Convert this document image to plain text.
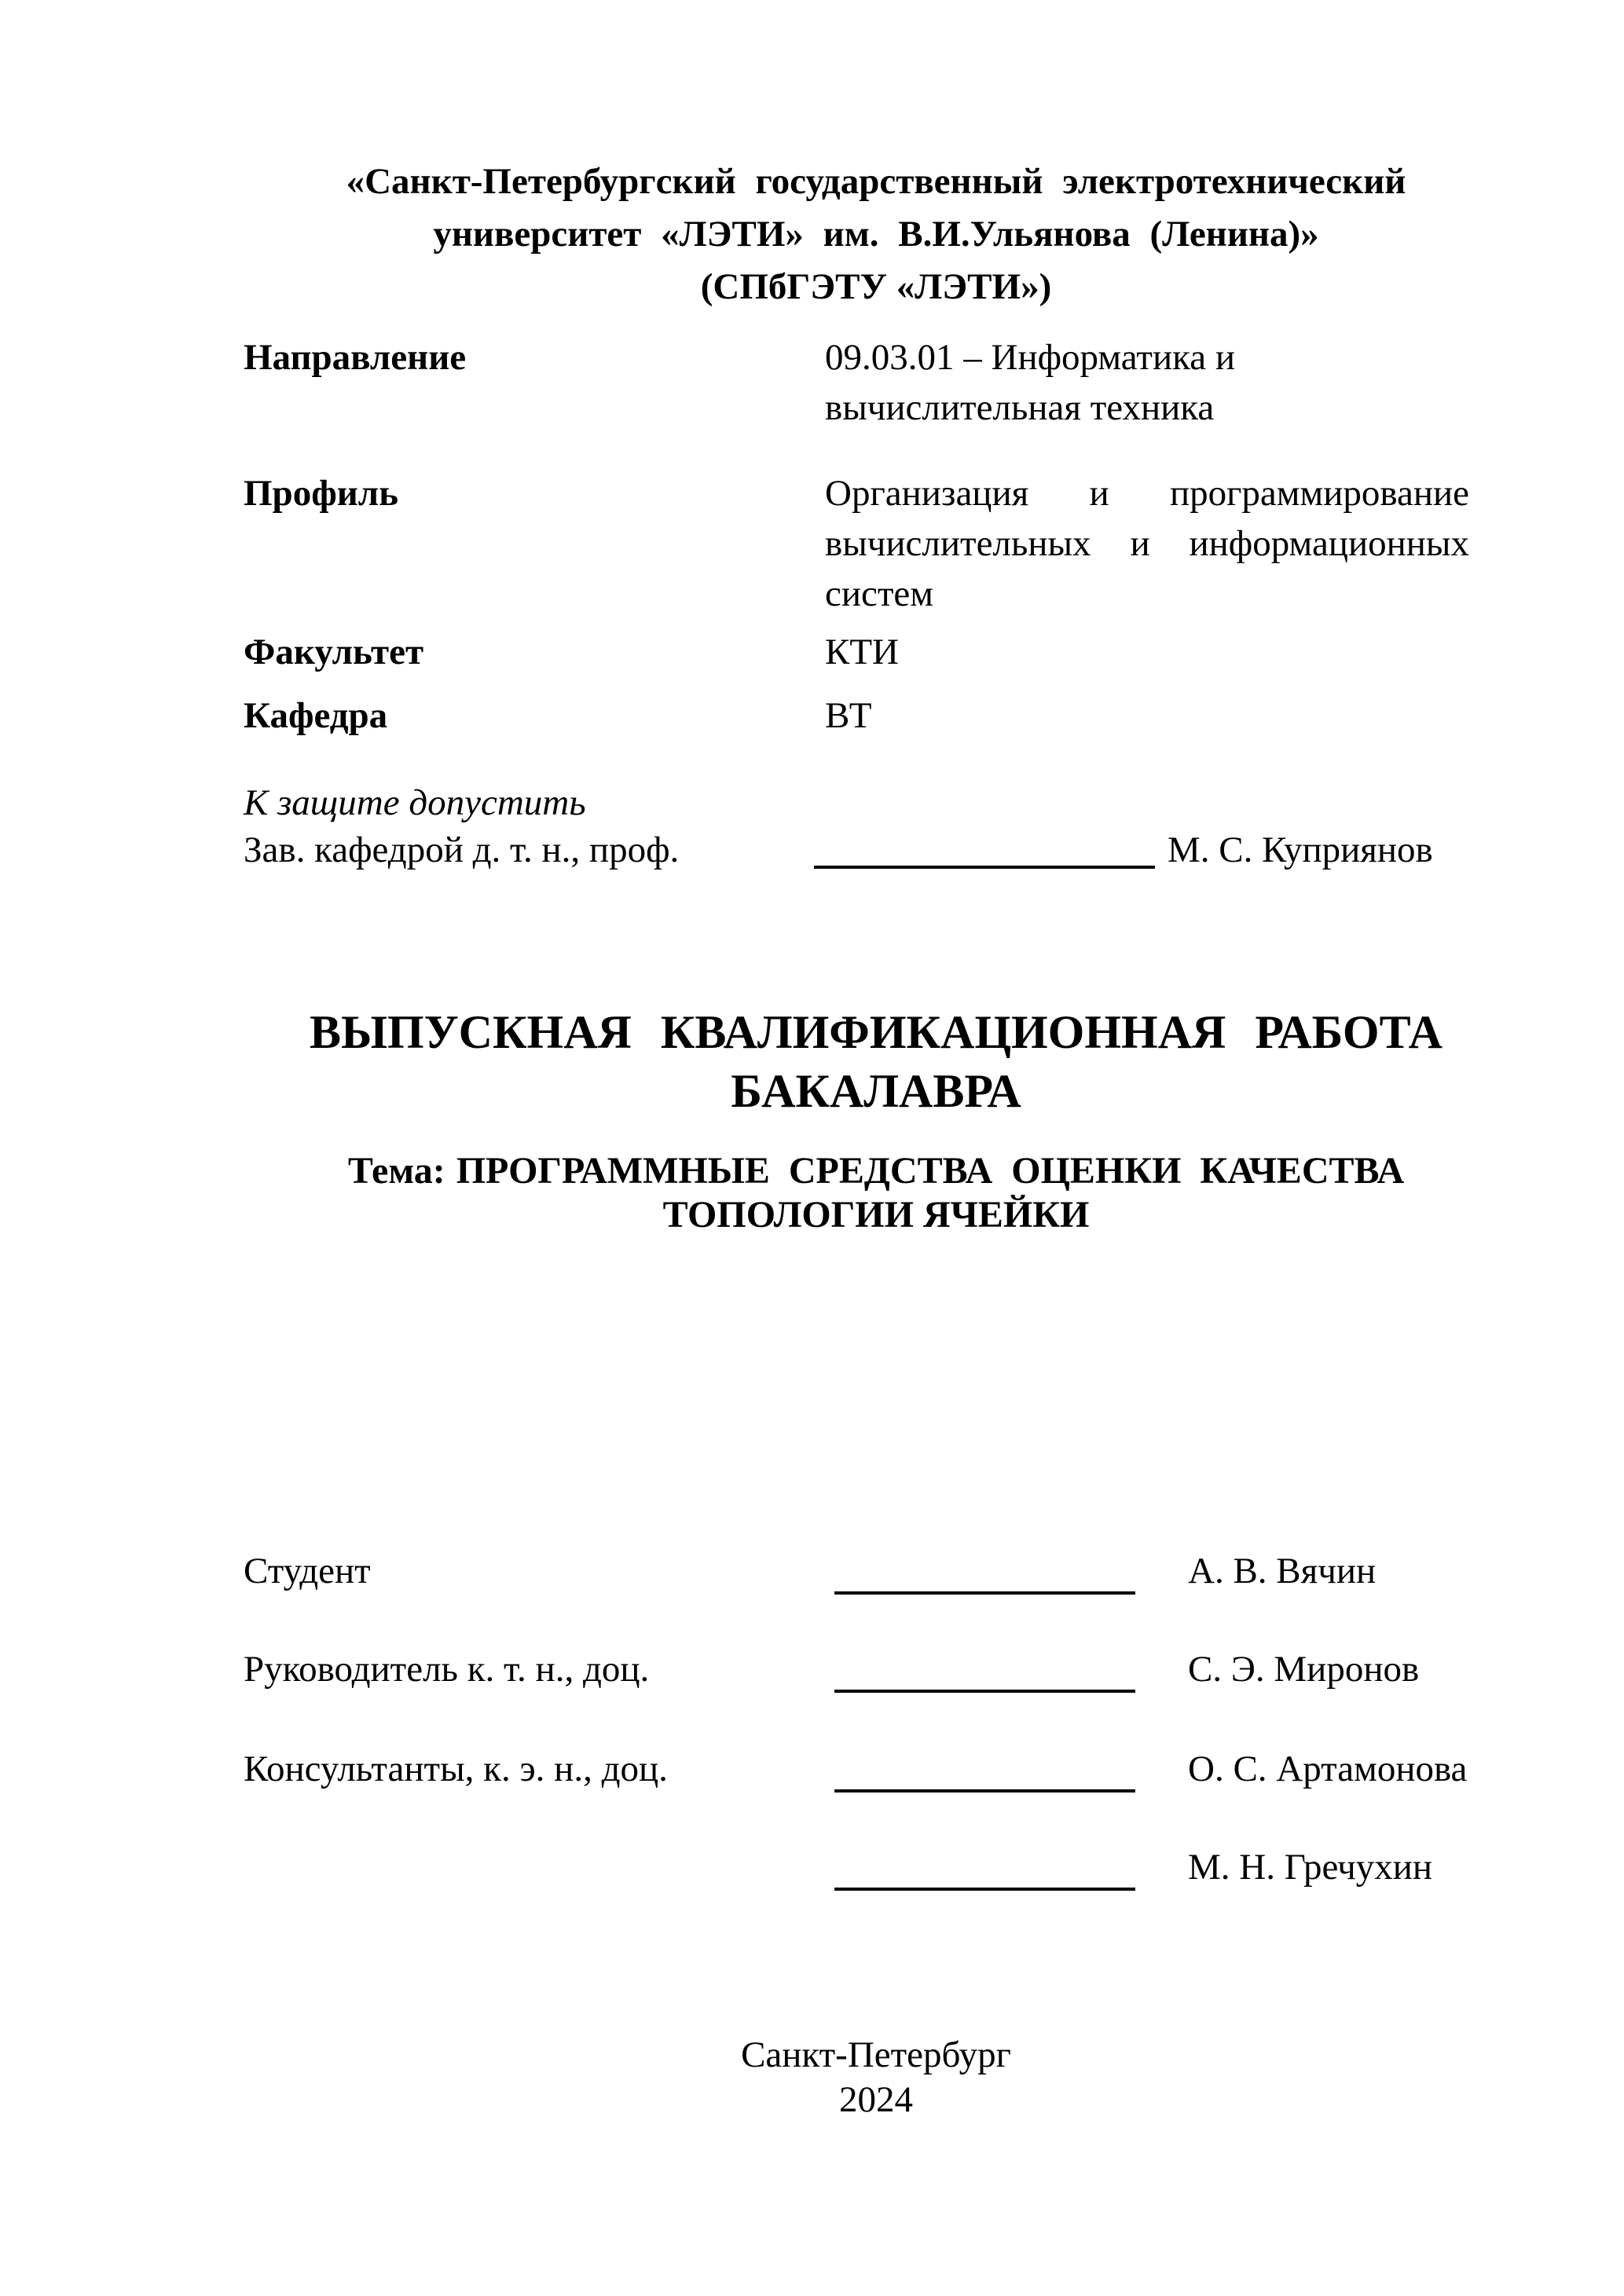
«Санкт-Петербургский государственный электротехнический
университет «ЛЭТИ» им. В.И.Ульянова (Ленина)»
(СПбГЭТУ «ЛЭТИ»)
Направление	09.03.01 – Информатика и вычислительная техника
Профиль	Организация и программирование вычислительных и информационных систем
Факультет	КТИ
Кафедра	ВТ
К защите допустить
Зав. кафедрой д. т. н., проф.	М. С. Куприянов
ВЫПУСКНАЯ КВАЛИФИКАЦИОННАЯ РАБОТА
БАКАЛАВРА
Тема: ПРОГРАММНЫЕ СРЕДСТВА ОЦЕНКИ КАЧЕСТВА
ТОПОЛОГИИ ЯЧЕЙКИ
Студент	А. В. Вячин
Руководитель к. т. н., доц.	С. Э. Миронов
Консультанты, к. э. н., доц.	О. С. Артамонова
М. Н. Гречухин
Санкт-Петербург
2024
